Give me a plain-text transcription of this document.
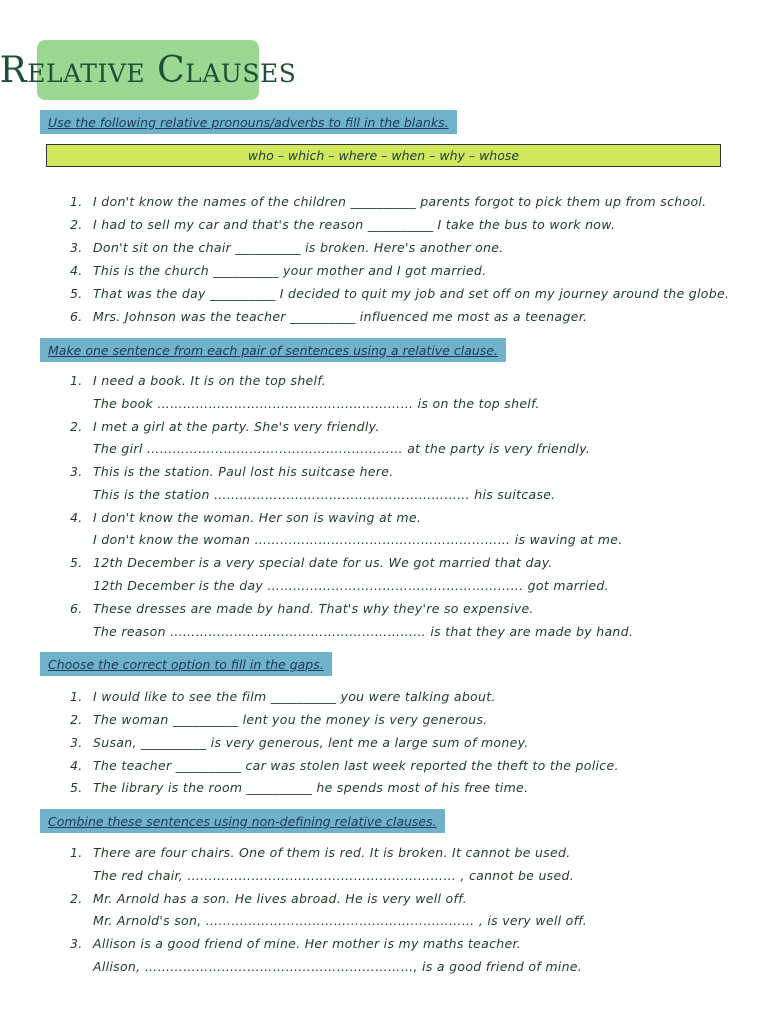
Relative Clauses
Use the following relative pronouns/adverbs to fill in the blanks.
who – which – where – when – why – whose
1. I don't know the names of the children __________ parents forgot to pick them up from school.
2. I had to sell my car and that's the reason __________ I take the bus to work now.
3. Don't sit on the chair __________ is broken. Here's another one.
4. This is the church __________ your mother and I got married.
5. That was the day __________ I decided to quit my job and set off on my journey around the globe.
6. Mrs. Johnson was the teacher __________ influenced me most as a teenager.
Make one sentence from each pair of sentences using a relative clause.
1. I need a book. It is on the top shelf.
The book …………………………………………………… is on the top shelf.
2. I met a girl at the party. She's very friendly.
The girl …………………………………………………… at the party is very friendly.
3. This is the station. Paul lost his suitcase here.
This is the station …………………………………………………… his suitcase.
4. I don't know the woman. Her son is waving at me.
I don't know the woman …………………………………………………… is waving at me.
5. 12th December is a very special date for us. We got married that day.
12th December is the day …………………………………………………… got married.
6. These dresses are made by hand. That's why they're so expensive.
The reason …………………………………………………… is that they are made by hand.
Choose the correct option to fill in the gaps.
1. I would like to see the film __________ you were talking about.
2. The woman __________ lent you the money is very generous.
3. Susan, __________ is very generous, lent me a large sum of money.
4. The teacher __________ car was stolen last week reported the theft to the police.
5. The library is the room __________ he spends most of his free time.
Combine these sentences using non-defining relative clauses.
1. There are four chairs. One of them is red. It is broken. It cannot be used.
The red chair, ……………………………………………………… , cannot be used.
2. Mr. Arnold has a son. He lives abroad. He is very well off.
Mr. Arnold's son, ……………………………………………………… , is very well off.
3. Allison is a good friend of mine. Her mother is my maths teacher.
Allison, ………………………………………………………, is a good friend of mine.
